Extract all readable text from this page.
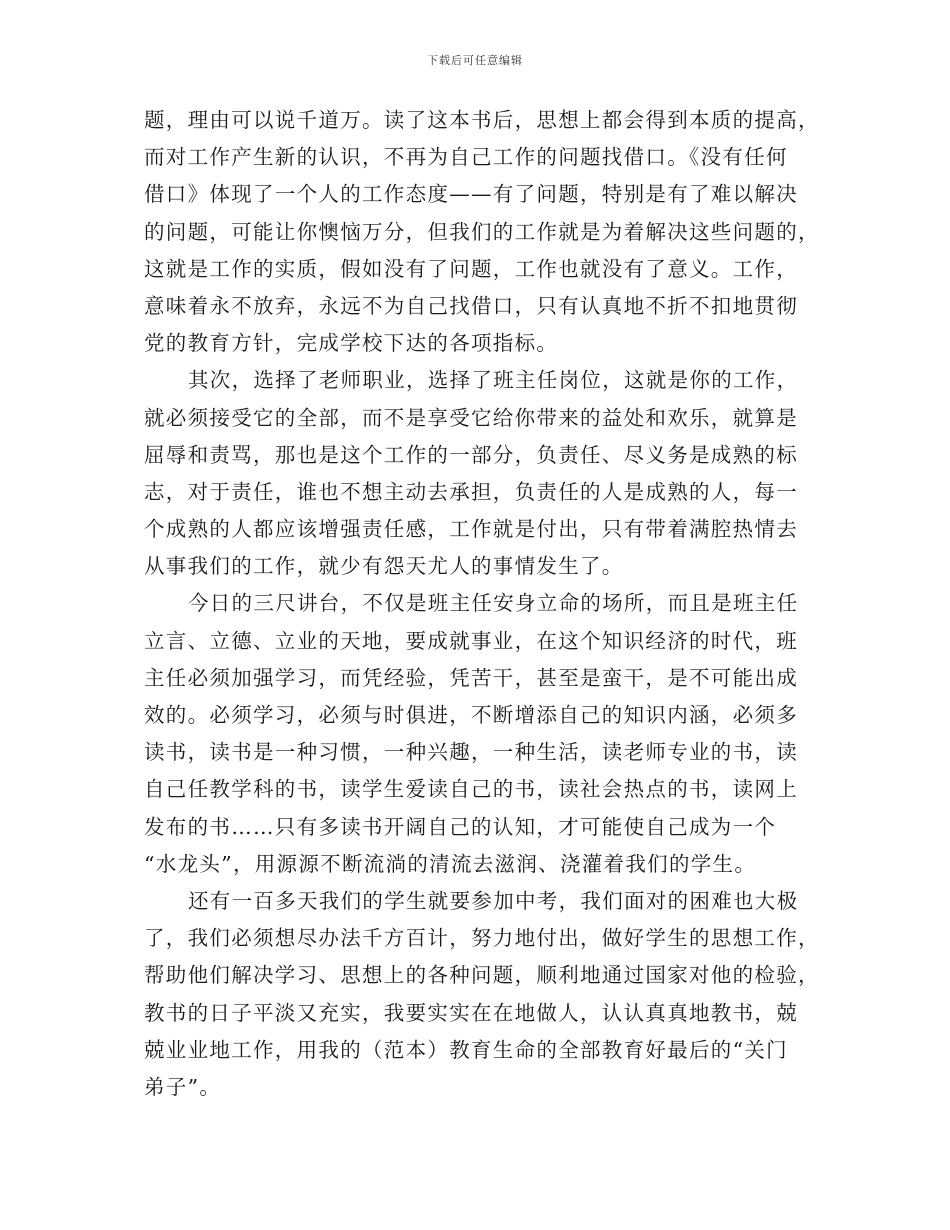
下载后可任意编辑
题，理由可以说千道万。读了这本书后，思想上都会得到本质的提高，
而对工作产生新的认识，不再为自己工作的问题找借口。《没有任何
借口》体现了一个人的工作态度——有了问题，特别是有了难以解决
的问题，可能让你懊恼万分，但我们的工作就是为着解决这些问题的，
这就是工作的实质，假如没有了问题，工作也就没有了意义。工作，
意味着永不放弃，永远不为自己找借口，只有认真地不折不扣地贯彻
党的教育方针，完成学校下达的各项指标。
其次，选择了老师职业，选择了班主任岗位，这就是你的工作，
就必须接受它的全部，而不是享受它给你带来的益处和欢乐，就算是
屈辱和责骂，那也是这个工作的一部分，负责任、尽义务是成熟的标
志，对于责任，谁也不想主动去承担，负责任的人是成熟的人，每一
个成熟的人都应该增强责任感，工作就是付出，只有带着满腔热情去
从事我们的工作，就少有怨天尤人的事情发生了。
今日的三尺讲台，不仅是班主任安身立命的场所，而且是班主任
立言、立德、立业的天地，要成就事业，在这个知识经济的时代，班
主任必须加强学习，而凭经验，凭苦干，甚至是蛮干，是不可能出成
效的。必须学习，必须与时俱进，不断增添自己的知识内涵，必须多
读书，读书是一种习惯，一种兴趣，一种生活，读老师专业的书，读
自己任教学科的书，读学生爱读自己的书，读社会热点的书，读网上
发布的书……只有多读书开阔自己的认知，才可能使自己成为一个
“水龙头”，用源源不断流淌的清流去滋润、浇灌着我们的学生。
还有一百多天我们的学生就要参加中考，我们面对的困难也大极
了，我们必须想尽办法千方百计，努力地付出，做好学生的思想工作，
帮助他们解决学习、思想上的各种问题，顺利地通过国家对他的检验，
教书的日子平淡又充实，我要实实在在地做人，认认真真地教书，兢
兢业业地工作，用我的（范本）教育生命的全部教育好最后的“关门
弟子”。
